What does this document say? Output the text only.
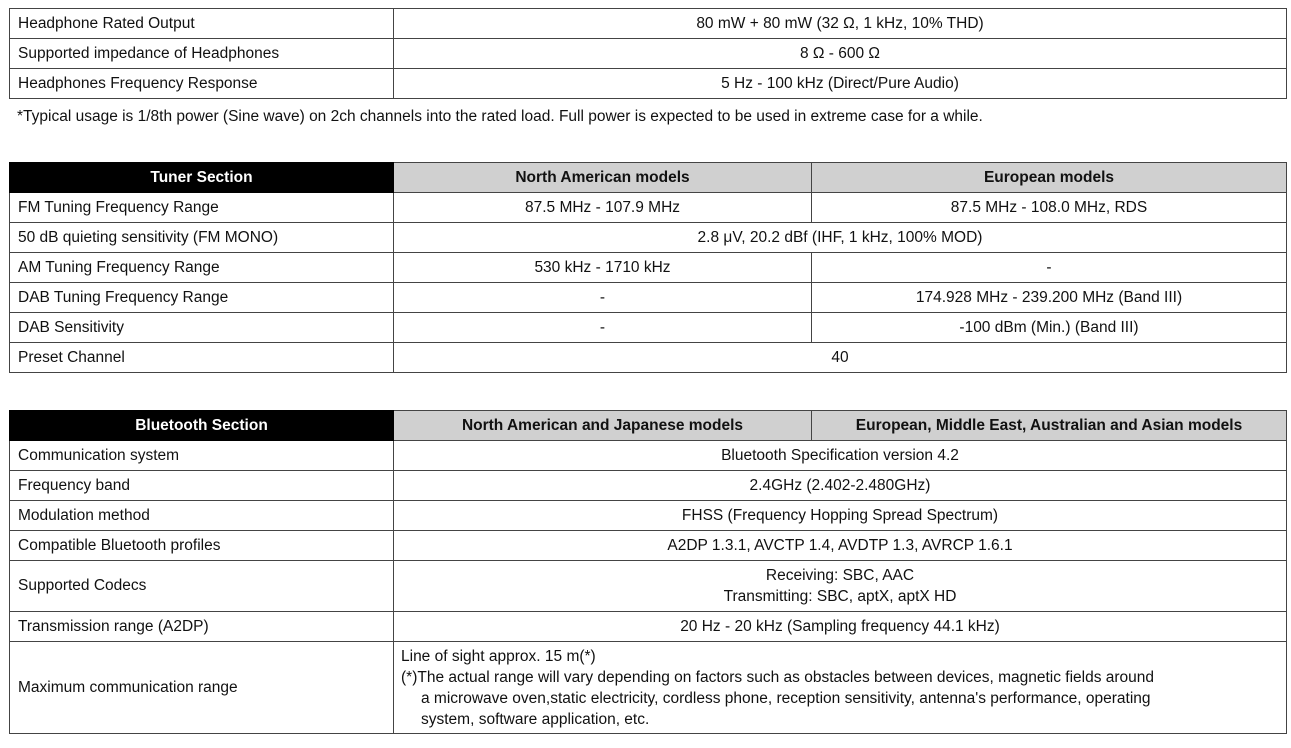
Headphone Rated Output	80 mW + 80 mW (32 Ω, 1 kHz, 10% THD)
Supported impedance of Headphones	8 Ω - 600 Ω
Headphones Frequency Response	5 Hz - 100 kHz (Direct/Pure Audio)
*Typical usage is 1/8th power (Sine wave) on 2ch channels into the rated load. Full power is expected to be used in extreme case for a while.
Tuner Section	North American models	European models
FM Tuning Frequency Range	87.5 MHz - 107.9 MHz	87.5 MHz - 108.0 MHz, RDS
50 dB quieting sensitivity (FM MONO)	2.8 μV, 20.2 dBf (IHF, 1 kHz, 100% MOD)	
AM Tuning Frequency Range	530 kHz - 1710 kHz	-
DAB Tuning Frequency Range	-	174.928 MHz - 239.200 MHz (Band III)
DAB Sensitivity	-	-100 dBm (Min.) (Band III)
Preset Channel	40	
Bluetooth Section	North American and Japanese models	European, Middle East, Australian and Asian models
Communication system	Bluetooth Specification version 4.2	
Frequency band	2.4GHz (2.402-2.480GHz)	
Modulation method	FHSS (Frequency Hopping Spread Spectrum)	
Compatible Bluetooth profiles	A2DP 1.3.1, AVCTP 1.4, AVDTP 1.3, AVRCP 1.6.1	
Supported Codecs	Receiving: SBC, AAC
Transmitting: SBC, aptX, aptX HD	

Transmission range (A2DP)	20 Hz - 20 kHz (Sampling frequency 44.1 kHz)	
Maximum communication range	Line of sight approx. 15 m(*)
(*)The actual range will vary depending on factors such as obstacles between devices, magnetic fields around
a microwave oven,static electricity, cordless phone, reception sensitivity, antenna's performance, operating
system, software application, etc.	
